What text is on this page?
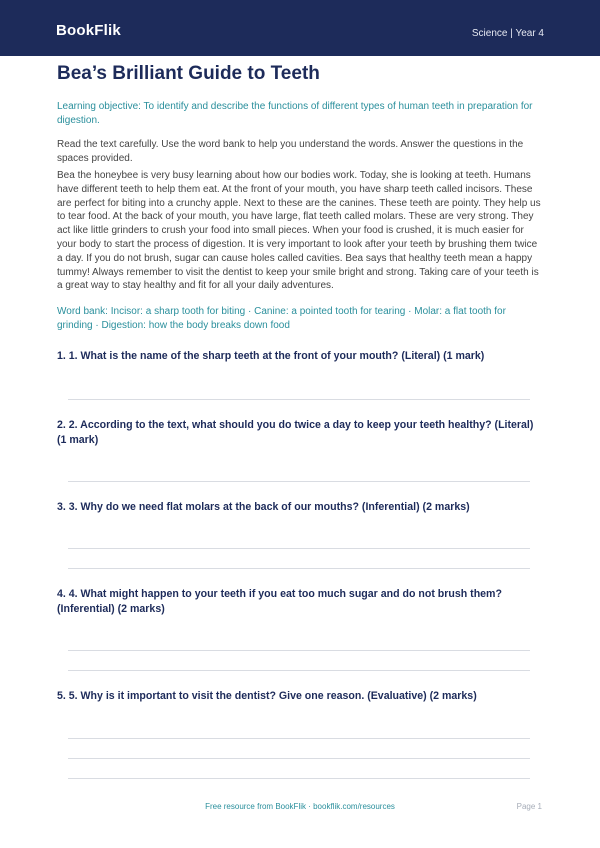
BookFlik	Science | Year 4
Bea’s Brilliant Guide to Teeth

Learning objective: To identify and describe the functions of different types of human teeth in preparation for digestion.

Read the text carefully. Use the word bank to help you understand the words. Answer the questions in the spaces provided.

Bea the honeybee is very busy learning about how our bodies work. Today, she is looking at teeth. Humans have different teeth to help them eat. At the front of your mouth, you have sharp teeth called incisors. These are perfect for biting into a crunchy apple. Next to these are the canines. These teeth are pointy. They help us to tear food. At the back of your mouth, you have large, flat teeth called molars. These are very strong. They act like little grinders to crush your food into small pieces. When your food is crushed, it is much easier for your body to start the process of digestion. It is very important to look after your teeth by brushing them twice a day. If you do not brush, sugar can cause holes called cavities. Bea says that healthy teeth mean a happy tummy! Always remember to visit the dentist to keep your smile bright and strong. Taking care of your teeth is a great way to stay healthy and fit for all your daily adventures.

Word bank: Incisor: a sharp tooth for biting · Canine: a pointed tooth for tearing · Molar: a flat tooth for grinding · Digestion: how the body breaks down food

1. 1. What is the name of the sharp teeth at the front of your mouth? (Literal) (1 mark)

2. 2. According to the text, what should you do twice a day to keep your teeth healthy? (Literal) (1 mark)

3. 3. Why do we need flat molars at the back of our mouths? (Inferential) (2 marks)

4. 4. What might happen to your teeth if you eat too much sugar and do not brush them? (Inferential) (2 marks)

5. 5. Why is it important to visit the dentist? Give one reason. (Evaluative) (2 marks)

Free resource from BookFlik · bookflik.com/resources	Page 1
